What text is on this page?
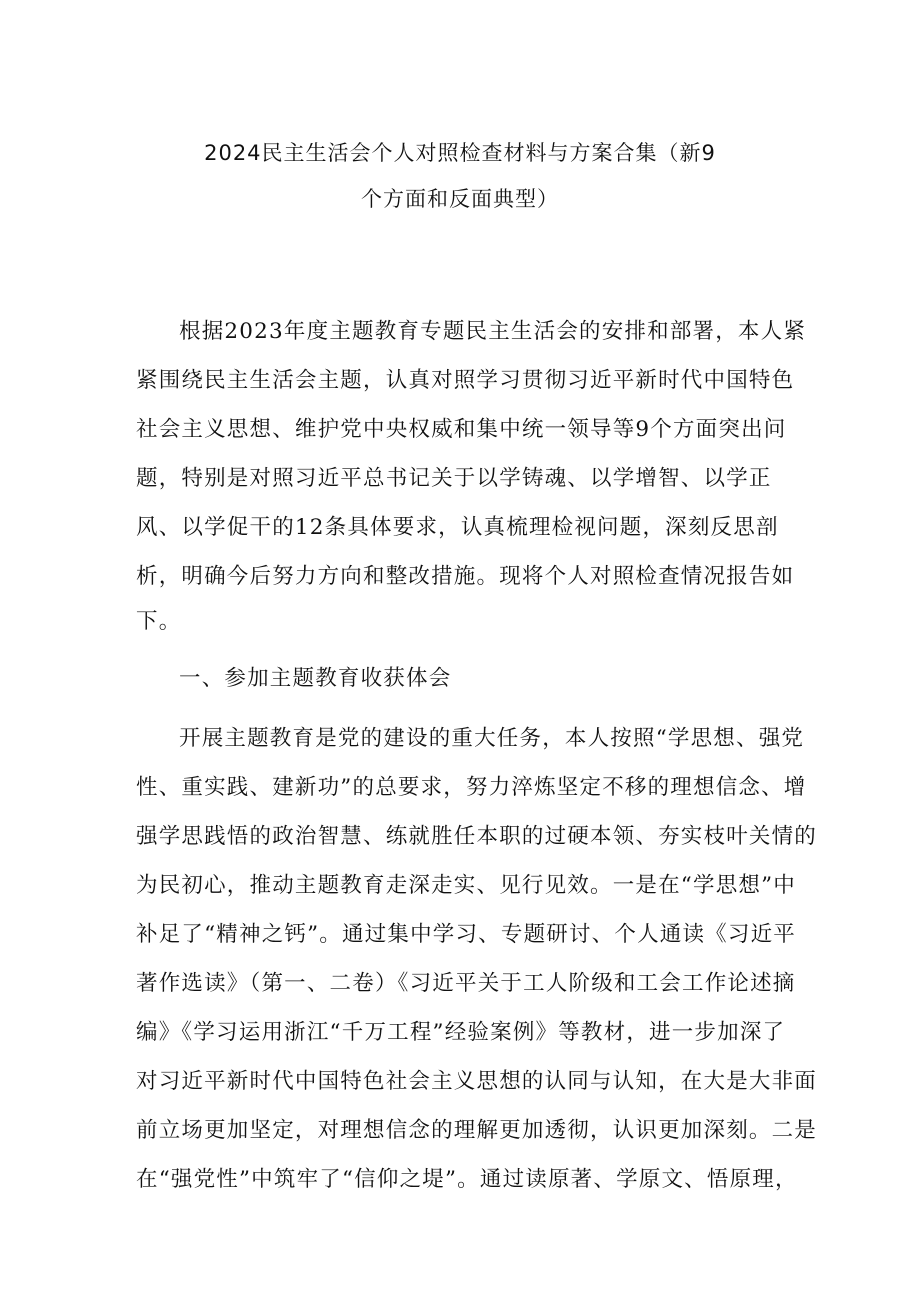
2024民主生活会个人对照检查材料与方案合集（新9
个方面和反面典型）
根据2023年度主题教育专题民主生活会的安排和部署，本人紧
紧围绕民主生活会主题，认真对照学习贯彻习近平新时代中国特色
社会主义思想、维护党中央权威和集中统一领导等9个方面突出问
题，特别是对照习近平总书记关于以学铸魂、以学增智、以学正
风、以学促干的12条具体要求，认真梳理检视问题，深刻反思剖
析，明确今后努力方向和整改措施。现将个人对照检查情况报告如
下。
一、参加主题教育收获体会
开展主题教育是党的建设的重大任务，本人按照“学思想、强党
性、重实践、建新功”的总要求，努力淬炼坚定不移的理想信念、增
强学思践悟的政治智慧、练就胜任本职的过硬本领、夯实枝叶关情的
为民初心，推动主题教育走深走实、见行见效。一是在“学思想”中
补足了“精神之钙”。通过集中学习、专题研讨、个人通读《习近平
著作选读》（第一、二卷）《习近平关于工人阶级和工会工作论述摘
编》《学习运用浙江“千万工程”经验案例》等教材，进一步加深了
对习近平新时代中国特色社会主义思想的认同与认知，在大是大非面
前立场更加坚定，对理想信念的理解更加透彻，认识更加深刻。二是
在“强党性”中筑牢了“信仰之堤”。通过读原著、学原文、悟原理，
